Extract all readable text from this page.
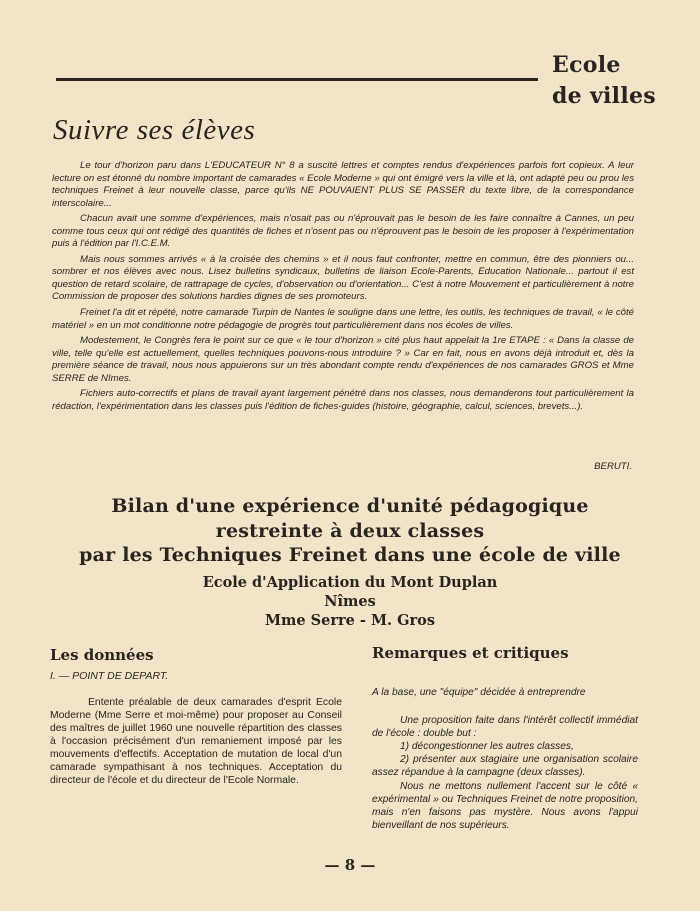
Ecole
de villes
Suivre ses élèves

Le tour d'horizon paru dans L'EDUCATEUR N° 8 a suscité lettres et comptes rendus d'expériences parfois fort copieux. A leur lecture on est étonné du nombre important de camarades « Ecole Moderne » qui ont émigré vers la ville et là, ont adapté peu ou prou les techniques Freinet à leur nouvelle classe, parce qu'ils NE POUVAIENT PLUS SE PASSER du texte libre, de la correspondance interscolaire...

Chacun avait une somme d'expériences, mais n'osait pas ou n'éprouvait pas le besoin de les faire connaître à Cannes, un peu comme tous ceux qui ont rédigé des quantités de fiches et n'osent pas ou n'éprouvent pas le besoin de les proposer à l'expérimentation puis à l'édition par l'I.C.E.M.

Mais nous sommes arrivés « à la croisée des chemins » et il nous faut confronter, mettre en commun, être des pionniers ou... sombrer et nos élèves avec nous. Lisez bulletins syndicaux, bulletins de liaison Ecole-Parents, Education Nationale... partout il est question de retard scolaire, de rattrapage de cycles, d'observation ou d'orientation... C'est à notre Mouvement et particulièrement à notre Commission de proposer des solutions hardies dignes de ses promoteurs.

Freinet l'a dit et répété, notre camarade Turpin de Nantes le souligne dans une lettre, les outils, les techniques de travail, « le côté matériel » en un mot conditionne notre pédagogie de progrès tout particulièrement dans nos écoles de villes.

Modestement, le Congrès fera le point sur ce que « le tour d'horizon » cité plus haut appelait la 1re ETAPE : « Dans la classe de ville, telle qu'elle est actuellement, quelles techniques pouvons-nous introduire ? » Car en fait, nous en avons déjà introduit et, dès la première séance de travail, nous nous appuierons sur un très abondant compte rendu d'expériences de nos camarades GROS et Mme SERRE de Nîmes.

Fichiers auto-correctifs et plans de travail ayant largement pénétré dans nos classes, nous demanderons tout particulièrement la rédaction, l'expérimentation dans les classes puis l'édition de fiches-guides (histoire, géographie, calcul, sciences, brevets...).

BERUTI.
Bilan d'une expérience d'unité pédagogique
restreinte à deux classes
par les Techniques Freinet dans une école de ville
Ecole d'Application du Mont Duplan
Nîmes
Mme Serre - M. Gros
Les données
I. — POINT DE DEPART.

Entente préalable de deux camarades d'esprit Ecole Moderne (Mme Serre et moi-même) pour proposer au Conseil des maîtres de juillet 1960 une nouvelle répartition des classes à l'occasion précisément d'un remaniement imposé par les mouvements d'effectifs. Acceptation de mutation de local d'un camarade sympathisant à nos techniques. Acceptation du directeur de l'école et du directeur de l'Ecole Normale.

Remarques et critiques

A la base, une "équipe" décidée à entreprendre

Une proposition faite dans l'intérêt collectif immédiat de l'école : double but :

1) décongestionner les autres classes,

2) présenter aux stagiaire une organisation scolaire assez répandue à la campagne (deux classes).

Nous ne mettons nullement l'accent sur le côté « expérimental » ou Techniques Freinet de notre proposition, mais n'en faisons pas mystère. Nous avons l'appui bienveillant de nos supérieurs.

— 8 —
